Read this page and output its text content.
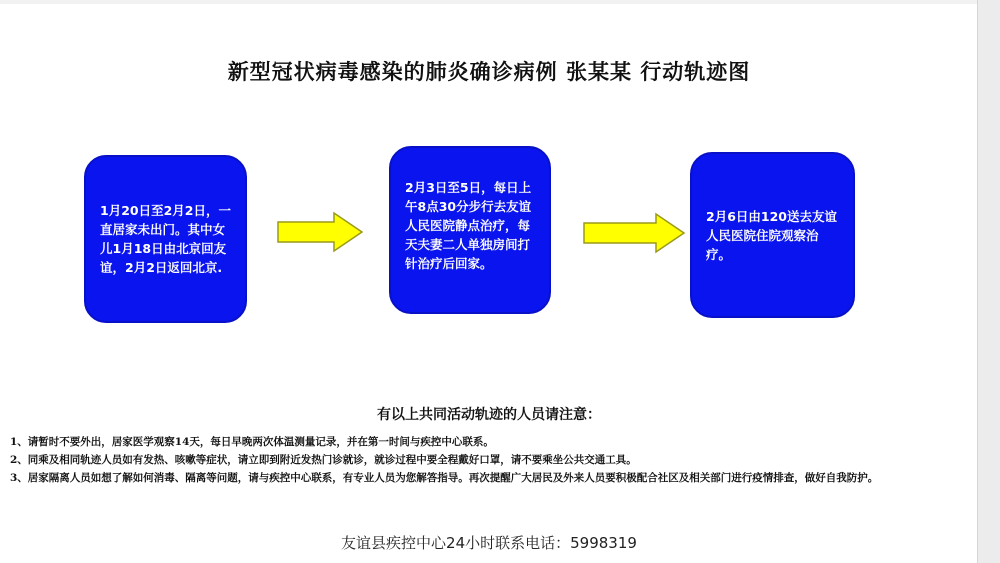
新型冠状病毒感染的肺炎确诊病例 张某某 行动轨迹图
1月20日至2月2日，一直居家未出门。其中女儿1月18日由北京回友谊，2月2日返回北京.
2月3日至5日，每日上午8点30分步行去友谊人民医院静点治疗，每天夫妻二人单独房间打针治疗后回家。
2月6日由120送去友谊人民医院住院观察治疗。
有以上共同活动轨迹的人员请注意：
1、请暂时不要外出，居家医学观察14天，每日早晚两次体温测量记录，并在第一时间与疾控中心联系。
2、同乘及相同轨迹人员如有发热、咳嗽等症状，请立即到附近发热门诊就诊，就诊过程中要全程戴好口罩，请不要乘坐公共交通工具。
3、居家隔离人员如想了解如何消毒、隔离等问题，请与疾控中心联系，有专业人员为您解答指导。再次提醒广大居民及外来人员要积极配合社区及相关部门进行疫情排查，做好自我防护。
友谊县疾控中心24小时联系电话：5998319
